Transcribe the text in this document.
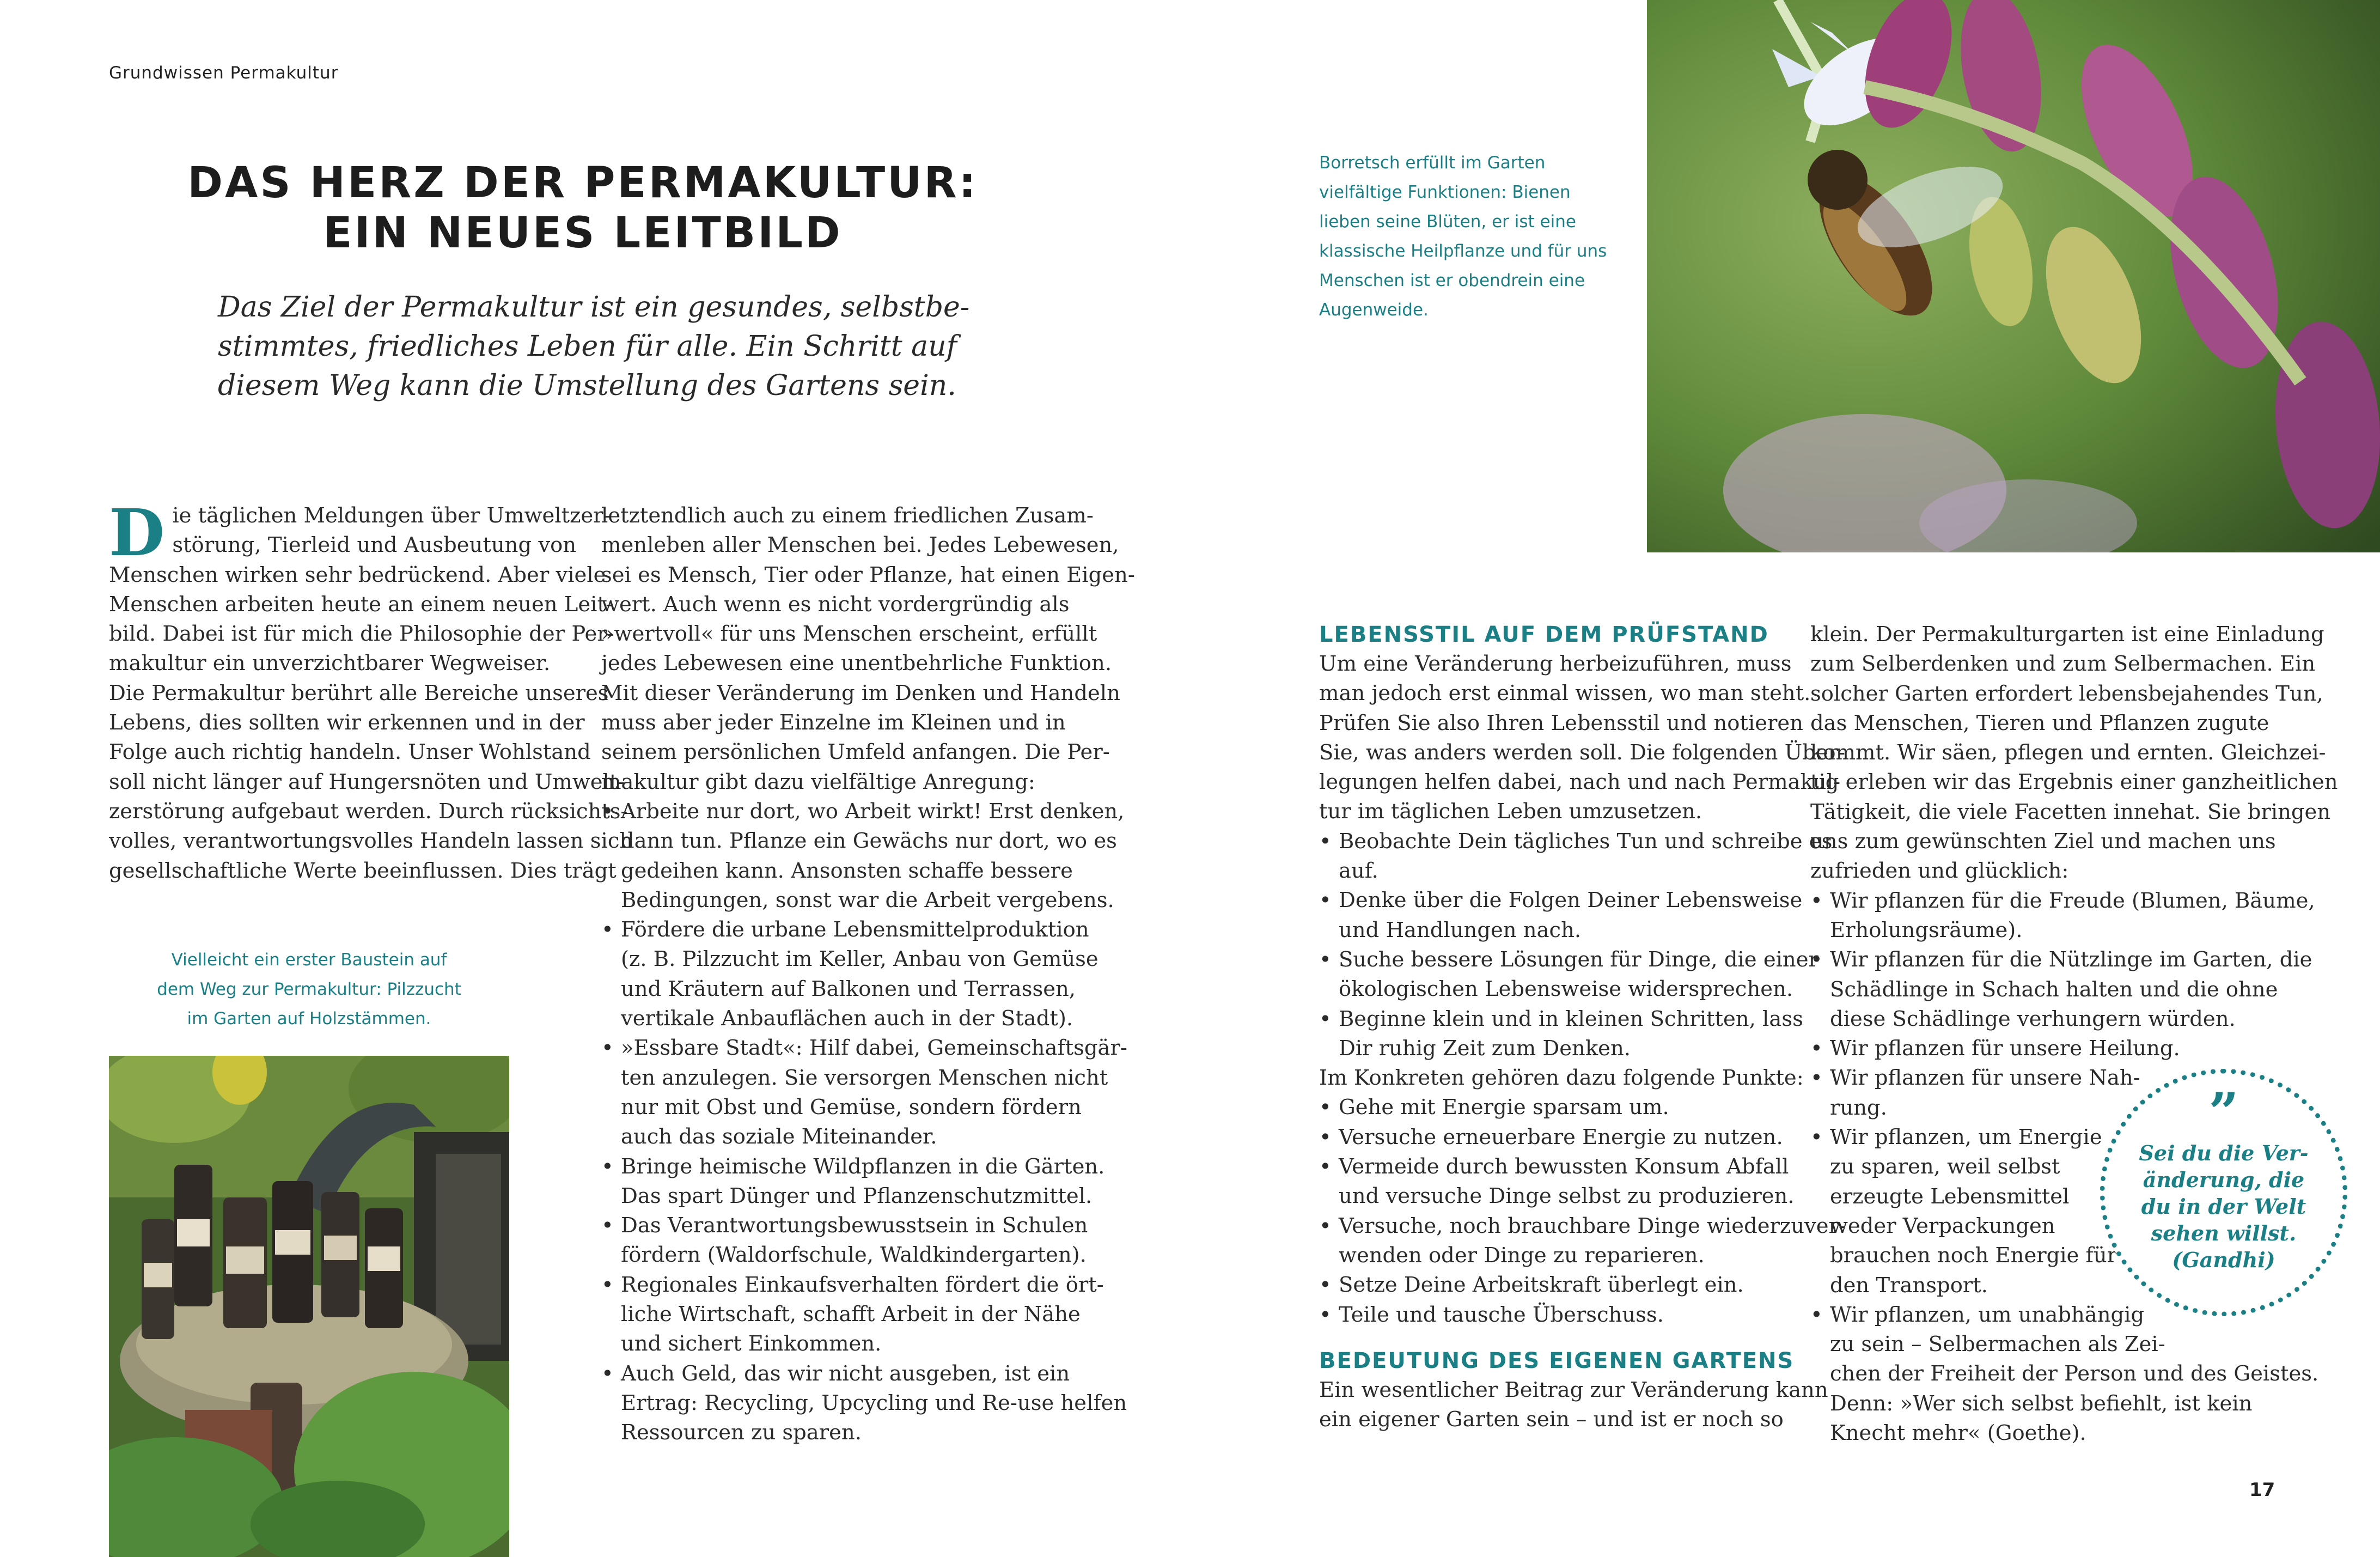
Grundwissen Permakultur
DAS HERZ DER PERMAKULTUR:
EIN NEUES LEITBILD
Das Ziel der Permakultur ist ein gesundes, selbstbe-
stimmtes, friedliches Leben für alle. Ein Schritt auf
diesem Weg kann die Umstellung des Gartens sein.
D ie täglichen Meldungen über Umweltzer-
störung, Tierleid und Ausbeutung von
Menschen wirken sehr bedrückend. Aber viele
Menschen arbeiten heute an einem neuen Leit-
bild. Dabei ist für mich die Philosophie der Per-
makultur ein unverzichtbarer Wegweiser.
Die Permakultur berührt alle Bereiche unseres
Lebens, dies sollten wir erkennen und in der
Folge auch richtig handeln. Unser Wohlstand
soll nicht länger auf Hungersnöten und Umwelt-
zerstörung aufgebaut werden. Durch rücksichts-
volles, verantwortungsvolles Handeln lassen sich
gesellschaftliche Werte beeinflussen. Dies trägt
Vielleicht ein erster Baustein auf
dem Weg zur Permakultur: Pilzzucht
im Garten auf Holzstämmen.
letztendlich auch zu einem friedlichen Zusam-
menleben aller Menschen bei. Jedes Lebewesen,
sei es Mensch, Tier oder Pflanze, hat einen Eigen-
wert. Auch wenn es nicht vordergründig als
»wertvoll« für uns Menschen erscheint, erfüllt
jedes Lebewesen eine unentbehrliche Funktion.
Mit dieser Veränderung im Denken und Handeln
muss aber jeder Einzelne im Kleinen und in
seinem persönlichen Umfeld anfangen. Die Per-
makultur gibt dazu vielfältige Anregung:
• Arbeite nur dort, wo Arbeit wirkt! Erst denken,
dann tun. Pflanze ein Gewächs nur dort, wo es
gedeihen kann. Ansonsten schaffe bessere
Bedingungen, sonst war die Arbeit vergebens.
• Fördere die urbane Lebensmittelproduktion
(z. B. Pilzzucht im Keller, Anbau von Gemüse
und Kräutern auf Balkonen und Terrassen,
vertikale Anbauflächen auch in der Stadt).
• »Essbare Stadt«: Hilf dabei, Gemeinschaftsgär-
ten anzulegen. Sie versorgen Menschen nicht
nur mit Obst und Gemüse, sondern fördern
auch das soziale Miteinander.
• Bringe heimische Wildpflanzen in die Gärten.
Das spart Dünger und Pflanzenschutzmittel.
• Das Verantwortungsbewusstsein in Schulen
fördern (Waldorfschule, Waldkindergarten).
• Regionales Einkaufsverhalten fördert die ört-
liche Wirtschaft, schafft Arbeit in der Nähe
und sichert Einkommen.
• Auch Geld, das wir nicht ausgeben, ist ein
Ertrag: Recycling, Upcycling und Re-use helfen
Ressourcen zu sparen.
Borretsch erfüllt im Garten
vielfältige Funktionen: Bienen
lieben seine Blüten, er ist eine
klassische Heilpflanze und für uns
Menschen ist er obendrein eine
Augenweide.
LEBENSSTIL AUF DEM PRÜFSTAND
Um eine Veränderung herbeizuführen, muss
man jedoch erst einmal wissen, wo man steht.
Prüfen Sie also Ihren Lebensstil und notieren
Sie, was anders werden soll. Die folgenden Über-
legungen helfen dabei, nach und nach Permakul-
tur im täglichen Leben umzusetzen.
• Beobachte Dein tägliches Tun und schreibe es
auf.
• Denke über die Folgen Deiner Lebensweise
und Handlungen nach.
• Suche bessere Lösungen für Dinge, die einer
ökologischen Lebensweise widersprechen.
• Beginne klein und in kleinen Schritten, lass
Dir ruhig Zeit zum Denken.
Im Konkreten gehören dazu folgende Punkte:
• Gehe mit Energie sparsam um.
• Versuche erneuerbare Energie zu nutzen.
• Vermeide durch bewussten Konsum Abfall
und versuche Dinge selbst zu produzieren.
• Versuche, noch brauchbare Dinge wiederzuver-
wenden oder Dinge zu reparieren.
• Setze Deine Arbeitskraft überlegt ein.
• Teile und tausche Überschuss.
BEDEUTUNG DES EIGENEN GARTENS
Ein wesentlicher Beitrag zur Veränderung kann
ein eigener Garten sein – und ist er noch so
klein. Der Permakulturgarten ist eine Einladung
zum Selberdenken und zum Selbermachen. Ein
solcher Garten erfordert lebensbejahendes Tun,
das Menschen, Tieren und Pflanzen zugute
kommt. Wir säen, pflegen und ernten. Gleichzei-
tig erleben wir das Ergebnis einer ganzheitlichen
Tätigkeit, die viele Facetten innehat. Sie bringen
uns zum gewünschten Ziel und machen uns
zufrieden und glücklich:
• Wir pflanzen für die Freude (Blumen, Bäume,
Erholungsräume).
• Wir pflanzen für die Nützlinge im Garten, die
Schädlinge in Schach halten und die ohne
diese Schädlinge verhungern würden.
• Wir pflanzen für unsere Heilung.
• Wir pflanzen für unsere Nah-
rung.
• Wir pflanzen, um Energie
zu sparen, weil selbst
erzeugte Lebensmittel
weder Verpackungen
brauchen noch Energie für
den Transport.
• Wir pflanzen, um unabhängig
zu sein – Selbermachen als Zei-
chen der Freiheit der Person und des Geistes.
Denn: »Wer sich selbst befiehlt, ist kein
Knecht mehr« (Goethe).
”
Sei du die Ver-
änderung, die
du in der Welt
sehen willst.
(Gandhi)
17
